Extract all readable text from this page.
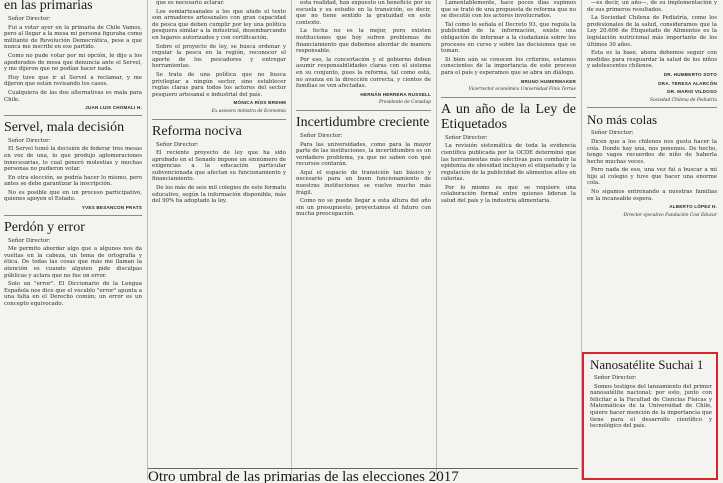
en las primarias

Señor Director:

Fui a votar ayer en la primaria de Chile Vamos, pero al llegar a la mesa mi persona figuraba como militante de Revolución Democrática, pese a que nunca me inscribí en ese partido.

Como no pude votar por mi opción, le dijo a los apoderados de mesa que denuncia ante el Servel, y me dijeron que no podían hacer nada.

Hoy tuve que ir al Servel a reclamar, y me dijeron que están revisando los casos.

Cualquiera de las dos alternativas es mala para Chile.

JUAN LUIS CHOMALI H.

Servel, mala decisión

Señor Director:

El Servel tomó la decisión de federar tres mesas en vez de una, lo que produjo aglomeraciones innecesarias, lo cual generó molestias y muchas personas no pudieron votar.

En otra elección, se podría hacer lo mismo, pero antes se debe garantizar la inscripción.

No es posible que en un proceso participativo, quienes apoyen el Estado.

YVES BESANCON PRATS

Perdón y error

Señor Director:

Me permito abordar algo que a algunos nos da vueltas en la cabeza, un tema de ortografía y ética. De todas las cosas que más me llaman la atención es cuando alguien pide disculpas públicas y aclara que no fue un error.

Solo un "error". El Diccionario de la Lengua Española nos dice que el vocablo "error" apunta a una falta en el Derecho común; un error es un concepto equivocado.

que es necesario aclarar.

Los semiartesanales a los que alude el texto son armadores artesanales con gran capacidad de pesca que deben cumplir por ley una política pesquera similar a la industrial, desembarcando en lugares autorizados y con certificación.

Sobre el proyecto de ley, se busca ordenar y regular la pesca en la región, reconocer el aporte de los pescadores y entregar herramientas.

Se trata de una política que no busca privilegiar a ningún sector, sino establecer reglas claras para todos los actores del sector pesquero artesanal e industrial del país.

MÓNICA RÍOS BREHM

Ex asesora ministra de Economía

Reforma nociva

Señor Director:

El reciente proyecto de ley que ha sido aprobado en el Senado impone un sinnúmero de exigencias a la educación particular subvencionada que afectan su funcionamiento y financiamiento.

De los más de seis mil colegios de este formato educativo, según la información disponible, más del 90% ha adoptado la ley.

esta realidad, han expuesto un beneficio por su escuela y su estudio en la transición, es decir, que no tiene sentido la gratuidad en este contexto.

La fecha no es la mejor, pero existen instituciones que hoy sufren problemas de financiamiento que debemos abordar de manera responsable.

Por eso, la concertación y el gobierno deben asumir responsabilidades claras con el sistema en su conjunto, pues la reforma, tal como está, no avanza en la dirección correcta, y cientos de familias se ven afectadas.

HERNÁN HERRERA RUSSELL

Presidente de Conadup

Incertidumbre creciente

Señor Director:

Para las universidades, como para la mayor parte de las instituciones, la incertidumbre es un verdadero problema, ya que no saben con qué recursos contarán.

Aquí el espacio de transición tan básico y necesario para un buen funcionamiento de nuestras instituciones se vuelve mucho más frágil.

Como no se puede llegar a esta altura del año sin un presupuesto, proyectamos el futuro con mucha preocupación.

Lamentablemente, hace pocos días supimos que se trató de una propuesta de reforma que no se discutió con los actores involucrados.

Tal como lo señala el Decreto 93, que regula la publicidad de la información, existe una obligación de informar a la ciudadanía sobre los procesos en curso y sobre las decisiones que se toman.

Si bien aún se conocen los criterios, estamos conscientes de la importancia de este proceso para el país y esperamos que se abra un diálogo.

BRUNO HUMERMAKER

Vicerrector económico Universidad Finis Terrae

A un año de la Ley de Etiquetados

Señor Director:

La revisión sistemática de toda la evidencia científica publicada por la OCDE determinó que las herramientas más efectivas para combatir la epidemia de obesidad incluyen el etiquetado y la regulación de la publicidad de alimentos altos en calorías.

Por lo mismo es que se requiere una colaboración formal entre quienes lideran la salud del país y la industria alimentaria.

—es decir, un año—, de su implementación y de sus primeros resultados.

La Sociedad Chilena de Pediatría, como los profesionales de la salud, consideramos que la Ley 20.606 de Etiquetado de Alimentos es la legislación nutricional más importante de los últimos 30 años.

Esta es la base, ahora debemos seguir con medidas para resguardar la salud de los niños y adolescentes chilenos.

DR. HUMBERTO SOTO

DRA. TERESA ALARCÓN

DR. MARIO VILDOSO

Sociedad Chilena de Pediatría

No más colas

Señor Director:

Dicen que a los chilenos nos gusta hacer la cola. Donde hay una, nos ponemos. De hecho, tengo vagos recuerdos de niño de haberla hecho muchas veces.

Pero nada de eso, una vez fui a buscar a mi hijo al colegio y tuve que hacer una enorme cola.

No sigamos entrenando a nuestras familias en la incansable espera.

ALBERTO LÓPEZ H.

Director ejecutivo Fundación Cosi Educar

Nanosatélite Suchai 1

Señor Director:

Somos testigos del lanzamiento del primer nanosatélite nacional; por esto, junto con felicitar a la Facultad de Ciencias Físicas y Matemáticas de la Universidad de Chile, quiero hacer mención de la importancia que tiene para el desarrollo científico y tecnológico del país.

Otro umbral de las primarias de las elecciones 2017
